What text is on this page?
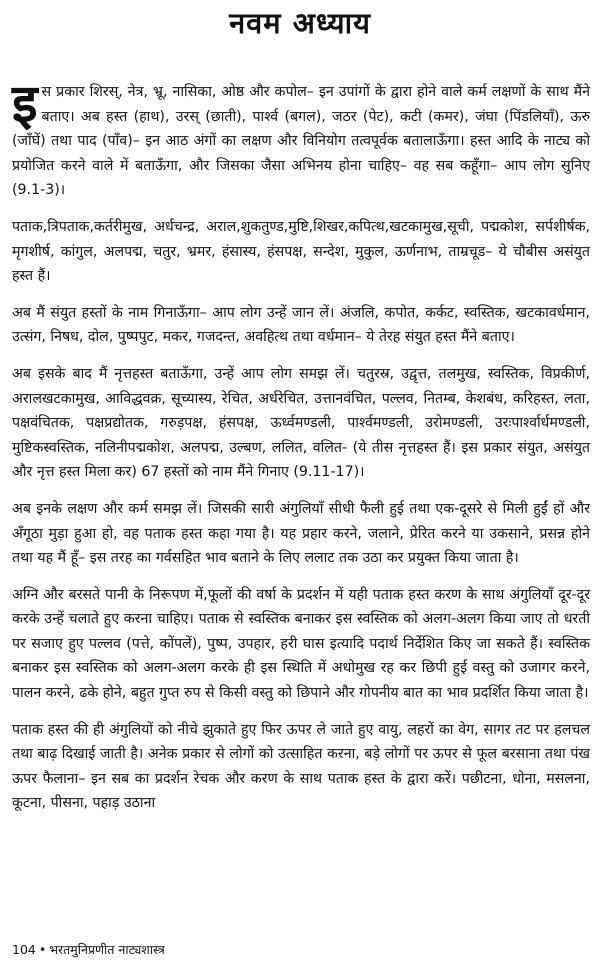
नवम अध्याय

इस प्रकार शिरस्, नेत्र, भ्रू, नासिका, ओष्ठ और कपोल– इन उपांगों के द्वारा होने वाले कर्म लक्षणों के साथ मैंने बताए। अब हस्त (हाथ), उरस् (छाती), पार्श्व (बगल), जठर (पेट), कटी (कमर), जंघा (पिंडलियाँ), ऊरु (जाँघें) तथा पाद (पाँव)– इन आठ अंगों का लक्षण और विनियोग तत्वपूर्वक बतालाऊँगा। हस्त आदि के नाट्य को प्रयोजित करने वाले में बताऊँगा, और जिसका जैसा अभिनय होना चाहिए– वह सब कहूँगा– आप लोग सुनिए (9.1-3)।

पताक,त्रिपताक,कर्तरीमुख, अर्धचन्द्र, अराल,शुकतुण्ड,मुष्टि,शिखर,कपित्थ,खटकामुख,सूची, पद्मकोश, सर्पशीर्षक, मृगशीर्ष, कांगुल, अलपद्म, चतुर, भ्रमर, हंसास्य, हंसपक्ष, सन्देश, मुकुल, ऊर्णनाभ, ताम्रचूड– ये चौबीस असंयुत हस्त हैं।

अब मैं संयुत हस्तों के नाम गिनाऊँगा– आप लोग उन्हें जान लें। अंजलि, कपोत, कर्कट, स्वस्तिक, खटकावर्धमान, उत्संग, निषध, दोल, पुष्पपुट, मकर, गजदन्त, अवहित्थ तथा वर्धमान– ये तेरह संयुत हस्त मैंने बताए।

अब इसके बाद मैं नृत्तहस्त बताऊँगा, उन्हें आप लोग समझ लें। चतुरस्र, उद्वृत्त, तलमुख, स्वस्तिक, विप्रकीर्ण, अरालखटकामुख, आविद्धवक्र, सूच्यास्य, रेचित, अर्धरेचित, उत्तानवंचित, पल्लव, नितम्ब, केशबंध, करिहस्त, लता, पक्षवंचितक, पक्षप्रद्योतक, गरुड़पक्ष, हंसपक्ष, ऊर्ध्वमण्डली, पार्श्वमण्डली, उरोमण्डली, उरःपार्श्वार्धमण्डली, मुष्टिकस्वस्तिक, नलिनीपद्मकोश, अलपद्म, उल्बण, ललित, वलित- (ये तीस नृत्तहस्त हैं। इस प्रकार संयुत, असंयुत और नृत्त हस्त मिला कर) 67 हस्तों को नाम मैंने गिनाए (9.11-17)।

अब इनके लक्षण और कर्म समझ लें। जिसकी सारी अंगुलियाँ सीधी फैली हुई तथा एक-दूसरे से मिली हुईं हों और अँगूठा मुड़ा हुआ हो, वह पताक हस्त कहा गया है। यह प्रहार करने, जलाने, प्रेरित करने या उकसाने, प्रसन्न होने तथा यह मैं हूँ– इस तरह का गर्वसहित भाव बताने के लिए ललाट तक उठा कर प्रयुक्त किया जाता है।

अग्नि और बरसते पानी के निरूपण में,फूलों की वर्षा के प्रदर्शन में यही पताक हस्त करण के साथ अंगुलियाँ दूर-दूर करके उन्हें चलाते हुए करना चाहिए। पताक से स्वस्तिक बनाकर इस स्वस्तिक को अलग-अलग किया जाए तो धरती पर सजाए हुए पल्लव (पत्ते, कोंपलें), पुष्प, उपहार, हरी घास इत्यादि पदार्थ निर्देशित किए जा सकते हैं। स्वस्तिक बनाकर इस स्वस्तिक को अलग-अलग करके ही इस स्थिति में अधोमुख रह कर छिपी हुई वस्तु को उजागर करने, पालन करने, ढके होने, बहुत गुप्त रुप से किसी वस्तु को छिपाने और गोपनीय बात का भाव प्रदर्शित किया जाता है।

पताक हस्त की ही अंगुलियों को नीचे झुकाते हुए फिर ऊपर ले जाते हुए वायु, लहरों का वेग, सागर तट पर हलचल तथा बाढ़ दिखाई जाती है। अनेक प्रकार से लोगों को उत्साहित करना, बड़े लोगों पर ऊपर से फूल बरसाना तथा पंख ऊपर फैलाना– इन सब का प्रदर्शन रेचक और करण के साथ पताक हस्त के द्वारा करें। पछीटना, धोना, मसलना, कूटना, पीसना, पहाड़ उठाना

104 • भरतमुनिप्रणीत नाट्यशास्त्र
